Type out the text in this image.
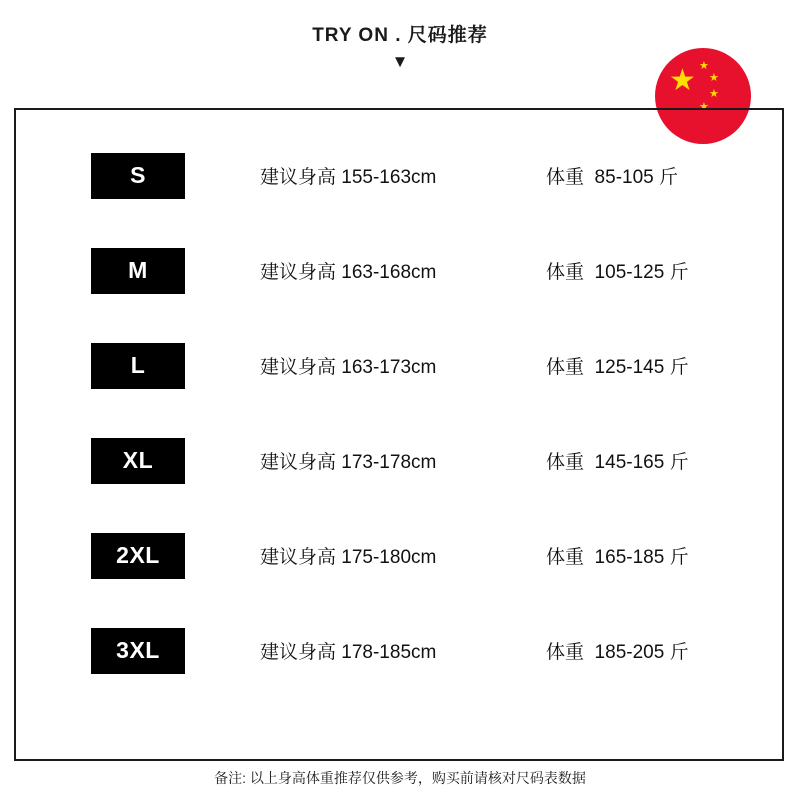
TRY ON . 尺码推荐
▼
★ ★
★
★
★
S	建议身高 155-163cm	体重  85-105 斤
M	建议身高 163-168cm	体重  105-125 斤
L	建议身高 163-173cm	体重  125-145 斤
XL	建议身高 173-178cm	体重  145-165 斤
2XL	建议身高 175-180cm	体重  165-185 斤
3XL	建议身高 178-185cm	体重  185-205 斤
备注: 以上身高体重推荐仅供参考，购买前请核对尺码表数据
